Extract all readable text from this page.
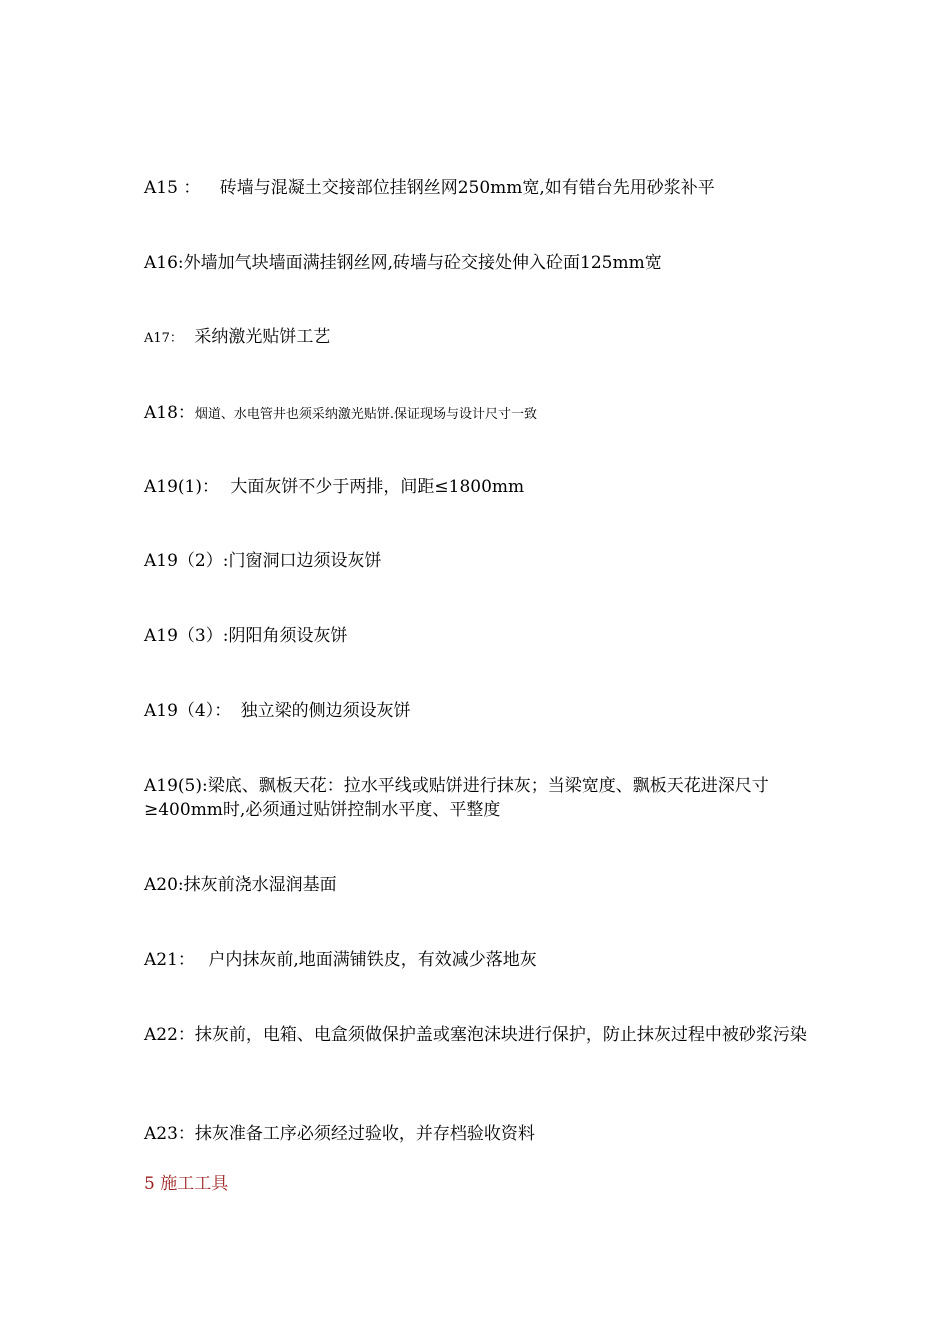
A15 ： 砖墙与混凝土交接部位挂钢丝网250mm宽,如有错台先用砂浆补平
A16:外墙加气块墙面满挂钢丝网,砖墙与砼交接处伸入砼面125mm宽
A17： 采纳激光贴饼工艺
A18：烟道、水电管井也须采纳激光贴饼.保证现场与设计尺寸一致
A19(1)： 大面灰饼不少于两排，间距≤1800mm
A19（2）:门窗洞口边须设灰饼
A19（3）:阴阳角须设灰饼
A19（4）： 独立梁的侧边须设灰饼
A19(5):梁底、飘板天花：拉水平线或贴饼进行抹灰；当梁宽度、飘板天花进深尺寸≥400mm时,必须通过贴饼控制水平度、平整度
A20:抹灰前浇水湿润基面
A21： 户内抹灰前,地面满铺铁皮，有效减少落地灰
A22：抹灰前，电箱、电盒须做保护盖或塞泡沫块进行保护，防止抹灰过程中被砂浆污染
A23：抹灰准备工序必须经过验收，并存档验收资料
5 施工工具
